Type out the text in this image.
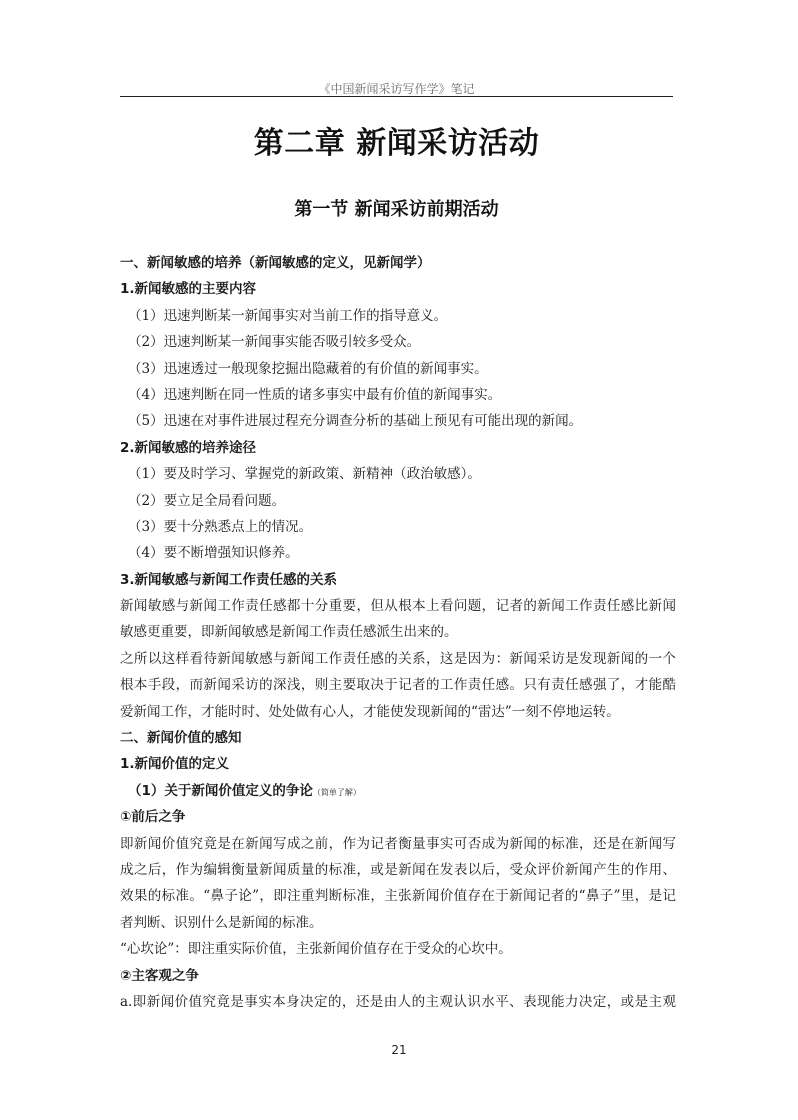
《中国新闻采访写作学》笔记
第二章 新闻采访活动
第一节 新闻采访前期活动
一、新闻敏感的培养（新闻敏感的定义，见新闻学）
1.新闻敏感的主要内容
（1）迅速判断某一新闻事实对当前工作的指导意义。
（2）迅速判断某一新闻事实能否吸引较多受众。
（3）迅速透过一般现象挖掘出隐藏着的有价值的新闻事实。
（4）迅速判断在同一性质的诸多事实中最有价值的新闻事实。
（5）迅速在对事件进展过程充分调查分析的基础上预见有可能出现的新闻。
2.新闻敏感的培养途径
（1）要及时学习、掌握党的新政策、新精神（政治敏感）。
（2）要立足全局看问题。
（3）要十分熟悉点上的情况。
（4）要不断增强知识修养。
3.新闻敏感与新闻工作责任感的关系
新闻敏感与新闻工作责任感都十分重要，但从根本上看问题，记者的新闻工作责任感比新闻
敏感更重要，即新闻敏感是新闻工作责任感派生出来的。
之所以这样看待新闻敏感与新闻工作责任感的关系，这是因为：新闻采访是发现新闻的一个
根本手段，而新闻采访的深浅，则主要取决于记者的工作责任感。只有责任感强了，才能酷
爱新闻工作，才能时时、处处做有心人，才能使发现新闻的“雷达”一刻不停地运转。
二、新闻价值的感知
1.新闻价值的定义
（1）关于新闻价值定义的争论（简单了解）
①前后之争
即新闻价值究竟是在新闻写成之前，作为记者衡量事实可否成为新闻的标准，还是在新闻写
成之后，作为编辑衡量新闻质量的标准，或是新闻在发表以后，受众评价新闻产生的作用、
效果的标准。“鼻子论”，即注重判断标准，主张新闻价值存在于新闻记者的“鼻子”里，是记
者判断、识别什么是新闻的标准。
“心坎论”：即注重实际价值，主张新闻价值存在于受众的心坎中。
②主客观之争
a.即新闻价值究竟是事实本身决定的，还是由人的主观认识水平、表现能力决定，或是主观
21
